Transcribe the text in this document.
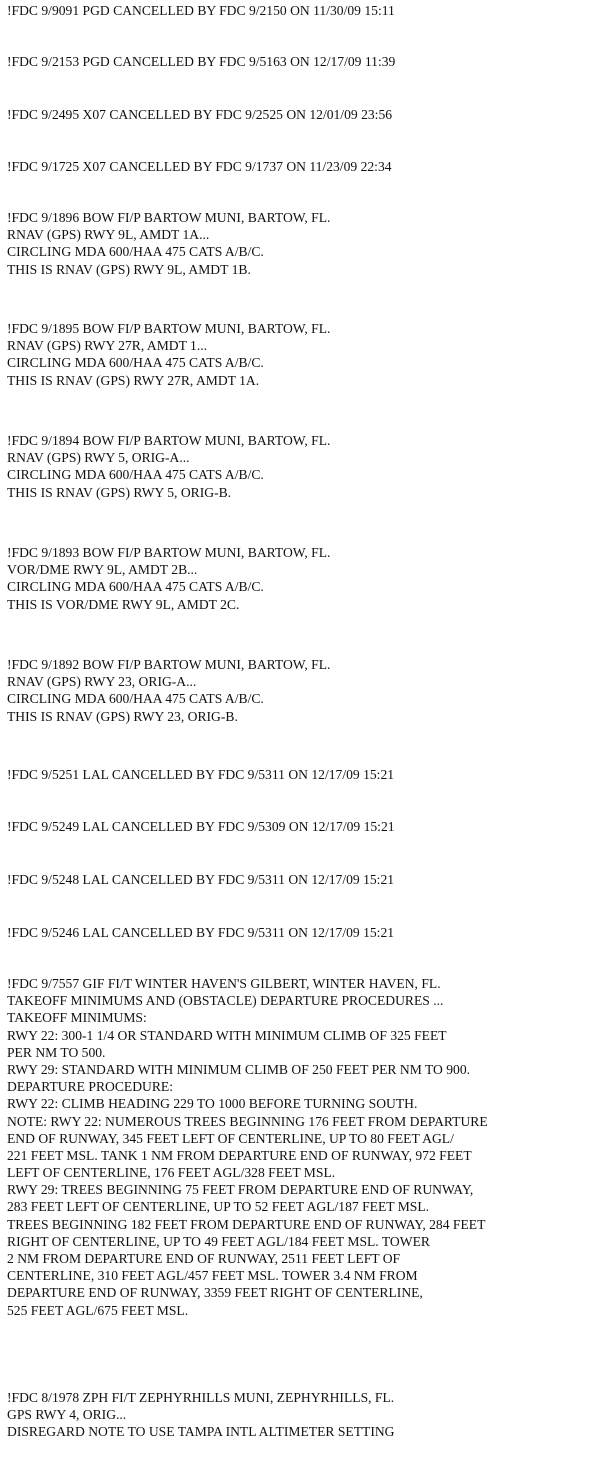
!FDC 9/9091 PGD CANCELLED BY FDC 9/2150 ON 11/30/09 15:11
!FDC 9/2153 PGD CANCELLED BY FDC 9/5163 ON 12/17/09 11:39
!FDC 9/2495 X07 CANCELLED BY FDC 9/2525 ON 12/01/09 23:56
!FDC 9/1725 X07 CANCELLED BY FDC 9/1737 ON 11/23/09 22:34
!FDC 9/1896 BOW FI/P BARTOW MUNI, BARTOW, FL.
RNAV (GPS) RWY 9L, AMDT 1A...
CIRCLING MDA 600/HAA 475 CATS A/B/C.
THIS IS RNAV (GPS) RWY 9L, AMDT 1B.
!FDC 9/1895 BOW FI/P BARTOW MUNI, BARTOW, FL.
RNAV (GPS) RWY 27R, AMDT 1...
CIRCLING MDA 600/HAA 475 CATS A/B/C.
THIS IS RNAV (GPS) RWY 27R, AMDT 1A.
!FDC 9/1894 BOW FI/P BARTOW MUNI, BARTOW, FL.
RNAV (GPS) RWY 5, ORIG-A...
CIRCLING MDA 600/HAA 475 CATS A/B/C.
THIS IS RNAV (GPS) RWY 5, ORIG-B.
!FDC 9/1893 BOW FI/P BARTOW MUNI, BARTOW, FL.
VOR/DME RWY 9L, AMDT 2B...
CIRCLING MDA 600/HAA 475 CATS A/B/C.
THIS IS VOR/DME RWY 9L, AMDT 2C.
!FDC 9/1892 BOW FI/P BARTOW MUNI, BARTOW, FL.
RNAV (GPS) RWY 23, ORIG-A...
CIRCLING MDA 600/HAA 475 CATS A/B/C.
THIS IS RNAV (GPS) RWY 23, ORIG-B.
!FDC 9/5251 LAL CANCELLED BY FDC 9/5311 ON 12/17/09 15:21
!FDC 9/5249 LAL CANCELLED BY FDC 9/5309 ON 12/17/09 15:21
!FDC 9/5248 LAL CANCELLED BY FDC 9/5311 ON 12/17/09 15:21
!FDC 9/5246 LAL CANCELLED BY FDC 9/5311 ON 12/17/09 15:21
!FDC 9/7557 GIF FI/T WINTER HAVEN'S GILBERT, WINTER HAVEN, FL.
TAKEOFF MINIMUMS AND (OBSTACLE) DEPARTURE PROCEDURES ...
TAKEOFF MINIMUMS:
RWY 22: 300-1 1/4 OR STANDARD WITH MINIMUM CLIMB OF 325 FEET
PER NM TO 500.
RWY 29: STANDARD WITH MINIMUM CLIMB OF 250 FEET PER NM TO 900.
DEPARTURE PROCEDURE:
RWY 22: CLIMB HEADING 229 TO 1000 BEFORE TURNING SOUTH.
NOTE: RWY 22: NUMEROUS TREES BEGINNING 176 FEET FROM DEPARTURE
END OF RUNWAY, 345 FEET LEFT OF CENTERLINE, UP TO 80 FEET AGL/
221 FEET MSL. TANK 1 NM FROM DEPARTURE END OF RUNWAY, 972 FEET
LEFT OF CENTERLINE, 176 FEET AGL/328 FEET MSL.
RWY 29: TREES BEGINNING 75 FEET FROM DEPARTURE END OF RUNWAY,
283 FEET LEFT OF CENTERLINE, UP TO 52 FEET AGL/187 FEET MSL.
TREES BEGINNING 182 FEET FROM DEPARTURE END OF RUNWAY, 284 FEET
RIGHT OF CENTERLINE, UP TO 49 FEET AGL/184 FEET MSL. TOWER
2 NM FROM DEPARTURE END OF RUNWAY, 2511 FEET LEFT OF
CENTERLINE, 310 FEET AGL/457 FEET MSL. TOWER 3.4 NM FROM
DEPARTURE END OF RUNWAY, 3359 FEET RIGHT OF CENTERLINE,
525 FEET AGL/675 FEET MSL.
!FDC 8/1978 ZPH FI/T ZEPHYRHILLS MUNI, ZEPHYRHILLS, FL.
GPS RWY 4, ORIG...
DISREGARD NOTE TO USE TAMPA INTL ALTIMETER SETTING
